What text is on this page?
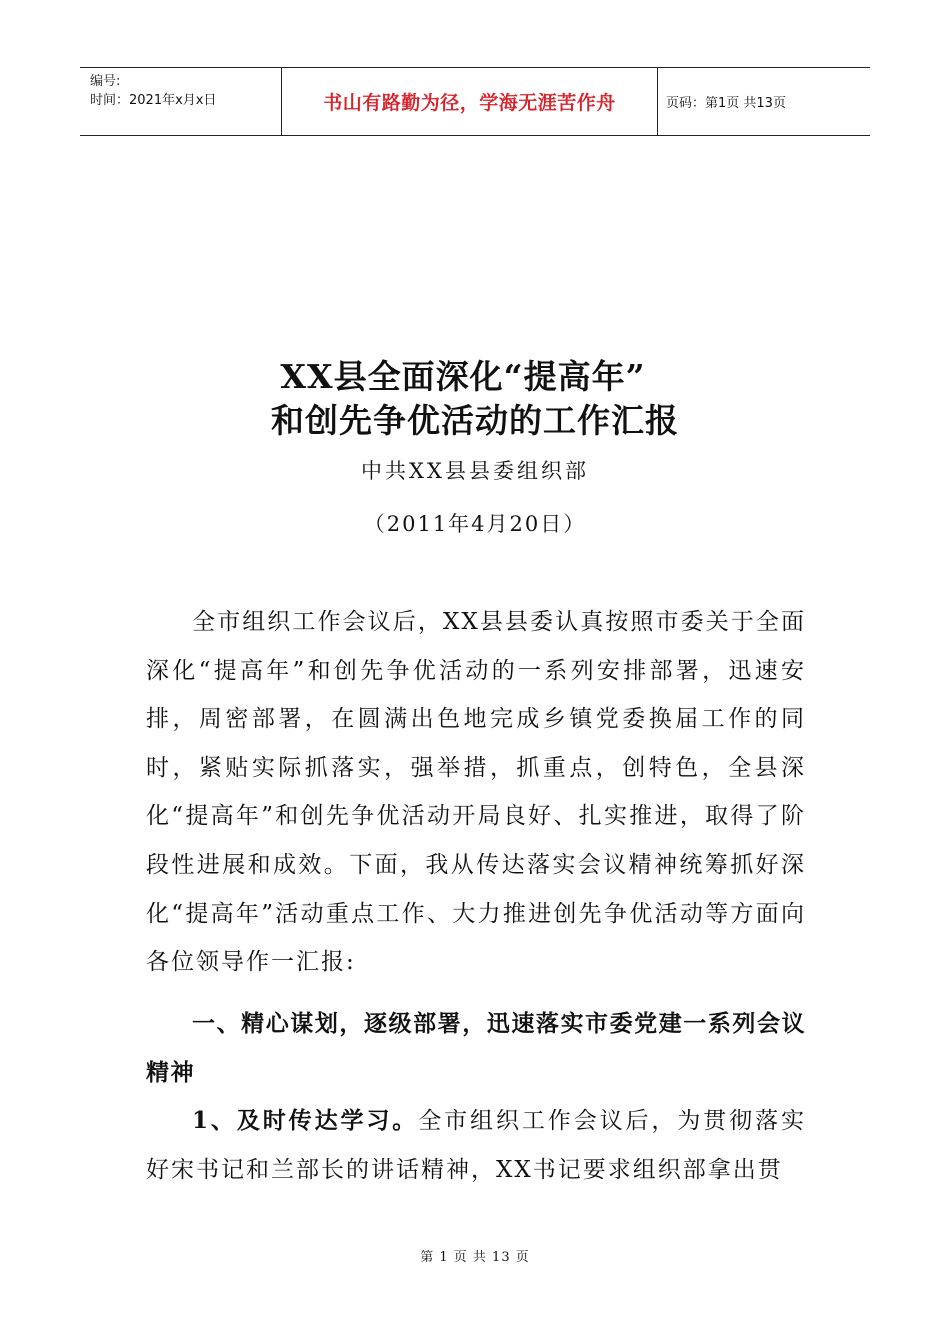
编号:
时间：2021年x月x日	书山有路勤为径，学海无涯苦作舟	页码：第1页 共13页
XX县全面深化“提高年”
和创先争优活动的工作汇报
中共XX县县委组织部
（2011年4月20日）
全市组织工作会议后，XX县县委认真按照市委关于全面深化“提高年”和创先争优活动的一系列安排部署，迅速安排，周密部署，在圆满出色地完成乡镇党委换届工作的同时，紧贴实际抓落实，强举措，抓重点，创特色，全县深化“提高年”和创先争优活动开局良好、扎实推进，取得了阶段性进展和成效。下面，我从传达落实会议精神统筹抓好深化“提高年”活动重点工作、大力推进创先争优活动等方面向各位领导作一汇报:
一、精心谋划，逐级部署，迅速落实市委党建一系列会议精神
1、及时传达学习。全市组织工作会议后，为贯彻落实好宋书记和兰部长的讲话精神，XX书记要求组织部拿出贯
第 1 页 共 13 页
